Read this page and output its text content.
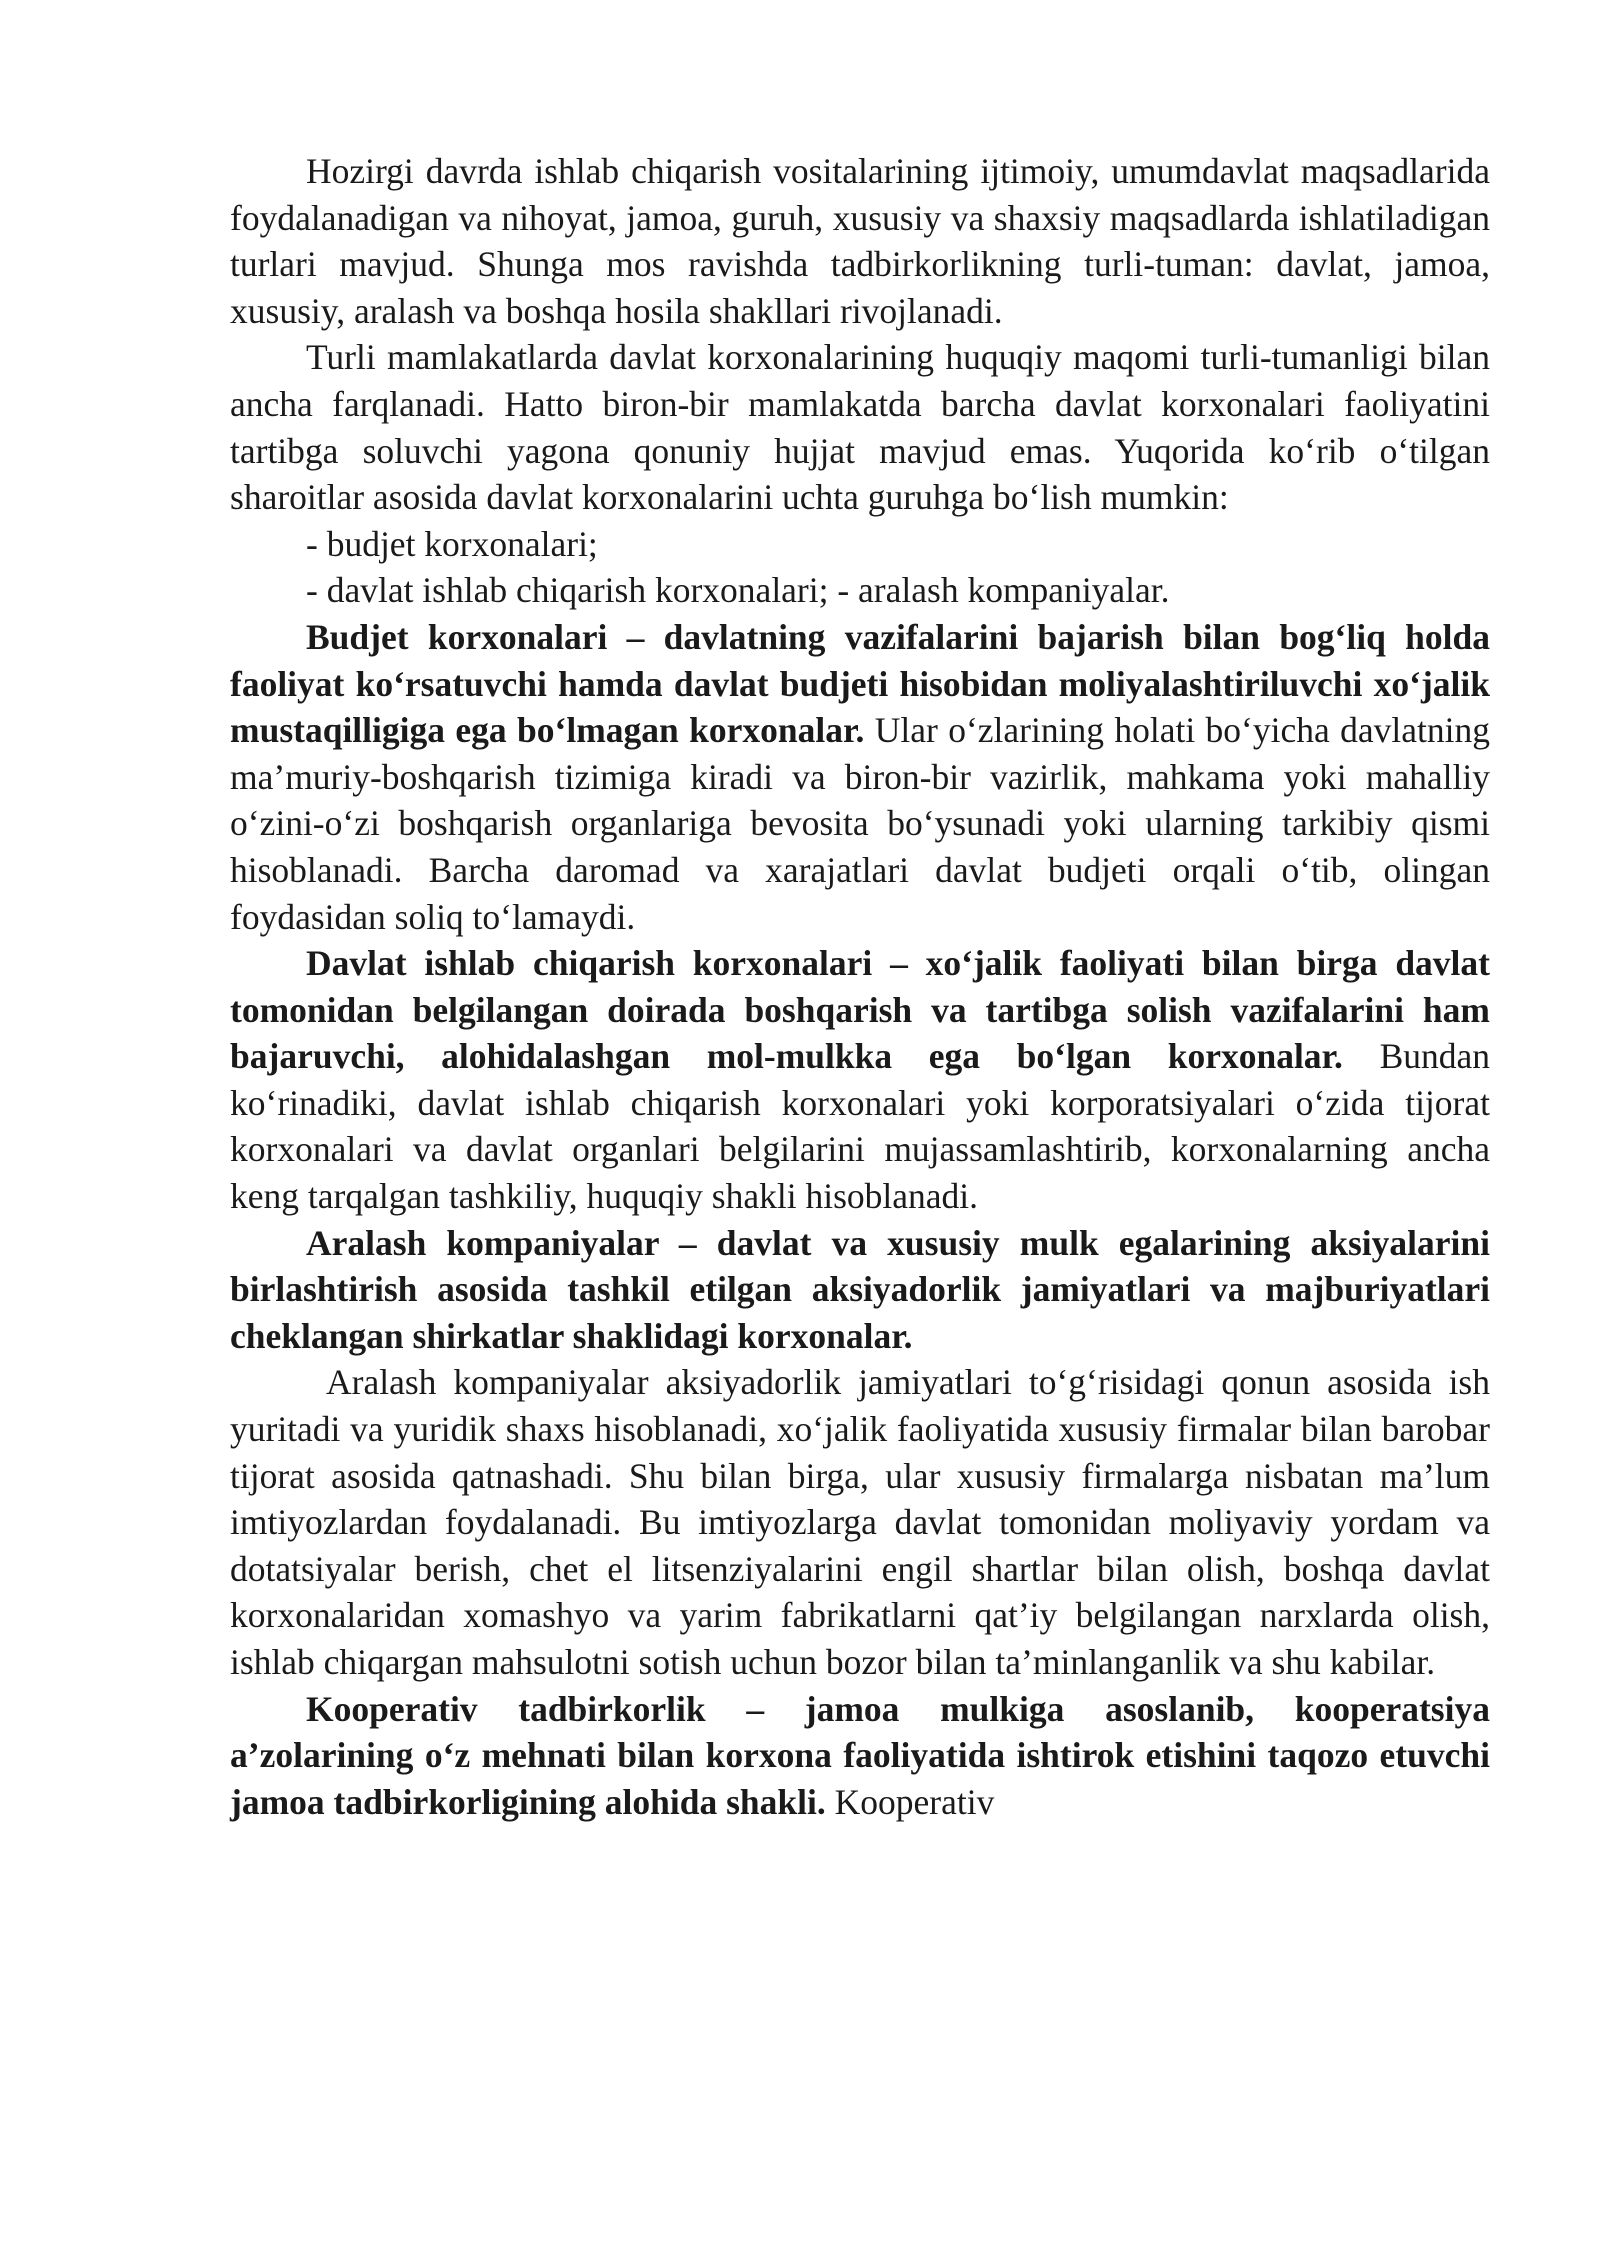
Hozirgi davrda ishlab chiqarish vositalarining ijtimoiy, umumdavlat maqsadlarida foydalanadigan va nihoyat, jamoa, guruh, xususiy va shaxsiy maqsadlarda ishlatiladigan turlari mavjud. Shunga mos ravishda tadbirkorlikning turli-tuman: davlat, jamoa, xususiy, aralash va boshqa hosila shakllari rivojlanadi.

Turli mamlakatlarda davlat korxonalarining huquqiy maqomi turli-tumanligi bilan ancha farqlanadi. Hatto biron-bir mamlakatda barcha davlat korxonalari faoliyatini tartibga soluvchi yagona qonuniy hujjat mavjud emas. Yuqorida ko‘rib o‘tilgan sharoitlar asosida davlat korxonalarini uchta guruhga bo‘lish mumkin:

- budjet korxonalari;

- davlat ishlab chiqarish korxonalari; - aralash kompaniyalar.

Budjet korxonalari – davlatning vazifalarini bajarish bilan bog‘liq holda faoliyat ko‘rsatuvchi hamda davlat budjeti hisobidan moliyalashtiriluvchi xo‘jalik mustaqilligiga ega bo‘lmagan korxonalar. Ular o‘zlarining holati bo‘yicha davlatning ma’muriy-boshqarish tizimiga kiradi va biron-bir vazirlik, mahkama yoki mahalliy o‘zini-o‘zi boshqarish organlariga bevosita bo‘ysunadi yoki ularning tarkibiy qismi hisoblanadi. Barcha daromad va xarajatlari davlat budjeti orqali o‘tib, olingan foydasidan soliq to‘lamaydi.

Davlat ishlab chiqarish korxonalari – xo‘jalik faoliyati bilan birga davlat tomonidan belgilangan doirada boshqarish va tartibga solish vazifalarini ham bajaruvchi, alohidalashgan mol-mulkka ega bo‘lgan korxonalar. Bundan ko‘rinadiki, davlat ishlab chiqarish korxonalari yoki korporatsiyalari o‘zida tijorat korxonalari va davlat organlari belgilarini mujassamlashtirib, korxonalarning ancha keng tarqalgan tashkiliy, huquqiy shakli hisoblanadi.

Aralash kompaniyalar – davlat va xususiy mulk egalarining aksiyalarini birlashtirish asosida tashkil etilgan aksiyadorlik jamiyatlari va majburiyatlari cheklangan shirkatlar shaklidagi korxonalar.

Aralash kompaniyalar aksiyadorlik jamiyatlari to‘g‘risidagi qonun asosida ish yuritadi va yuridik shaxs hisoblanadi, xo‘jalik faoliyatida xususiy firmalar bilan barobar tijorat asosida qatnashadi. Shu bilan birga, ular xususiy firmalarga nisbatan ma’lum imtiyozlardan foydalanadi. Bu imtiyozlarga davlat tomonidan moliyaviy yordam va dotatsiyalar berish, chet el litsenziyalarini engil shartlar bilan olish, boshqa davlat korxonalaridan xomashyo va yarim fabrikatlarni qat’iy belgilangan narxlarda olish, ishlab chiqargan mahsulotni sotish uchun bozor bilan ta’minlanganlik va shu kabilar.

Kooperativ tadbirkorlik – jamoa mulkiga asoslanib, kooperatsiya a’zolarining o‘z mehnati bilan korxona faoliyatida ishtirok etishini taqozo etuvchi jamoa tadbirkorligining alohida shakli. Kooperativ
